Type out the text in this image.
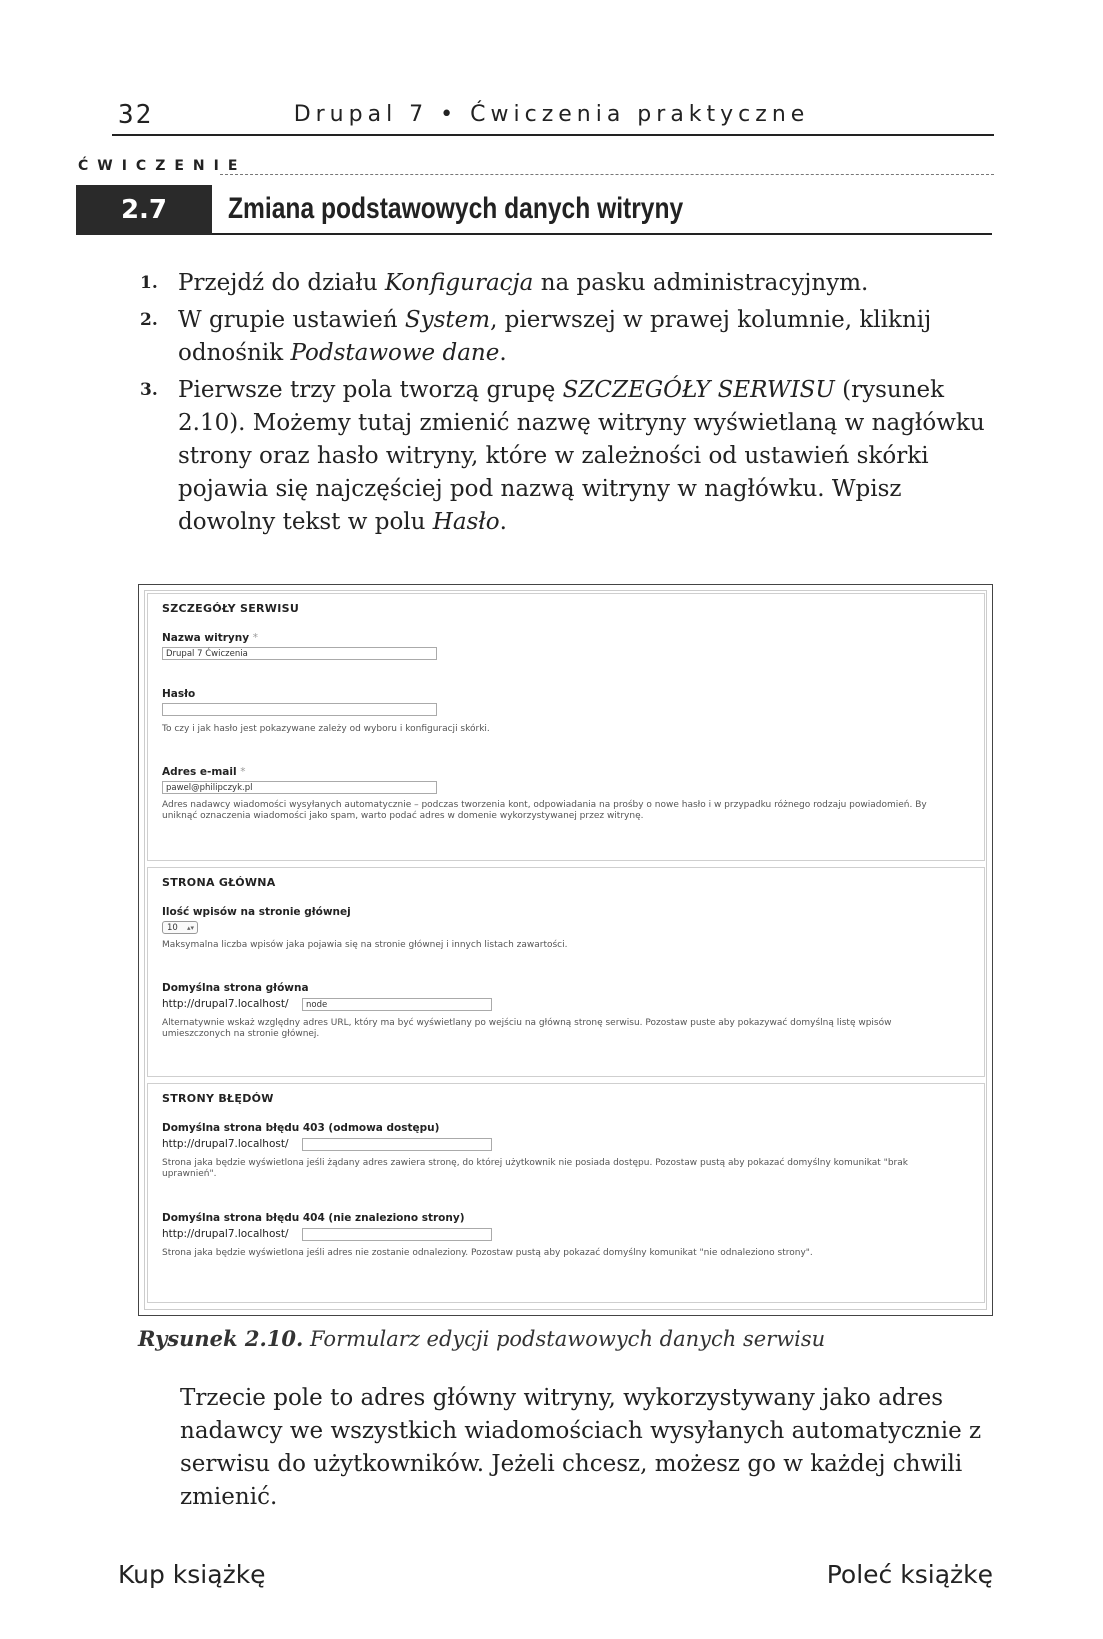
32	Drupal 7 • Ćwiczenia praktyczne
ĆWICZENIE
2.7	Zmiana podstawowych danych witryny
1. Przejdź do działu Konfiguracja na pasku administracyjnym.
2. W grupie ustawień System, pierwszej w prawej kolumnie, kliknij odnośnik Podstawowe dane.
3. Pierwsze trzy pola tworzą grupę SZCZEGÓŁY SERWISU (rysunek 2.10). Możemy tutaj zmienić nazwę witryny wyświetlaną w nagłówku strony oraz hasło witryny, które w zależności od ustawień skórki pojawia się najczęściej pod nazwą witryny w nagłówku. Wpisz dowolny tekst w polu Hasło.
SZCZEGÓŁY SERWISU
Nazwa witryny *
Drupal 7 Ćwiczenia
Hasło
To czy i jak hasło jest pokazywane zależy od wyboru i konfiguracji skórki.
Adres e-mail *
pawel@philipczyk.pl
Adres nadawcy wiadomości wysyłanych automatycznie – podczas tworzenia kont, odpowiadania na prośby o nowe hasło i w przypadku różnego rodzaju powiadomień. By uniknąć oznaczenia wiadomości jako spam, warto podać adres w domenie wykorzystywanej przez witrynę.
STRONA GŁÓWNA
Ilość wpisów na stronie głównej
10 ▴▾
Maksymalna liczba wpisów jaka pojawia się na stronie głównej i innych listach zawartości.
Domyślna strona główna
http://drupal7.localhost/	node
Alternatywnie wskaż względny adres URL, który ma być wyświetlany po wejściu na główną stronę serwisu. Pozostaw puste aby pokazywać domyślną listę wpisów umieszczonych na stronie głównej.
STRONY BŁĘDÓW
Domyślna strona błędu 403 (odmowa dostępu)
http://drupal7.localhost/
Strona jaka będzie wyświetlona jeśli żądany adres zawiera stronę, do której użytkownik nie posiada dostępu. Pozostaw pustą aby pokazać domyślny komunikat "brak uprawnień".
Domyślna strona błędu 404 (nie znaleziono strony)
http://drupal7.localhost/
Strona jaka będzie wyświetlona jeśli adres nie zostanie odnaleziony. Pozostaw pustą aby pokazać domyślny komunikat "nie odnaleziono strony".
Rysunek 2.10. Formularz edycji podstawowych danych serwisu
Trzecie pole to adres główny witryny, wykorzystywany jako adres nadawcy we wszystkich wiadomościach wysyłanych automatycznie z serwisu do użytkowników. Jeżeli chcesz, możesz go w każdej chwili zmienić.
Kup książkę	Poleć książkę
